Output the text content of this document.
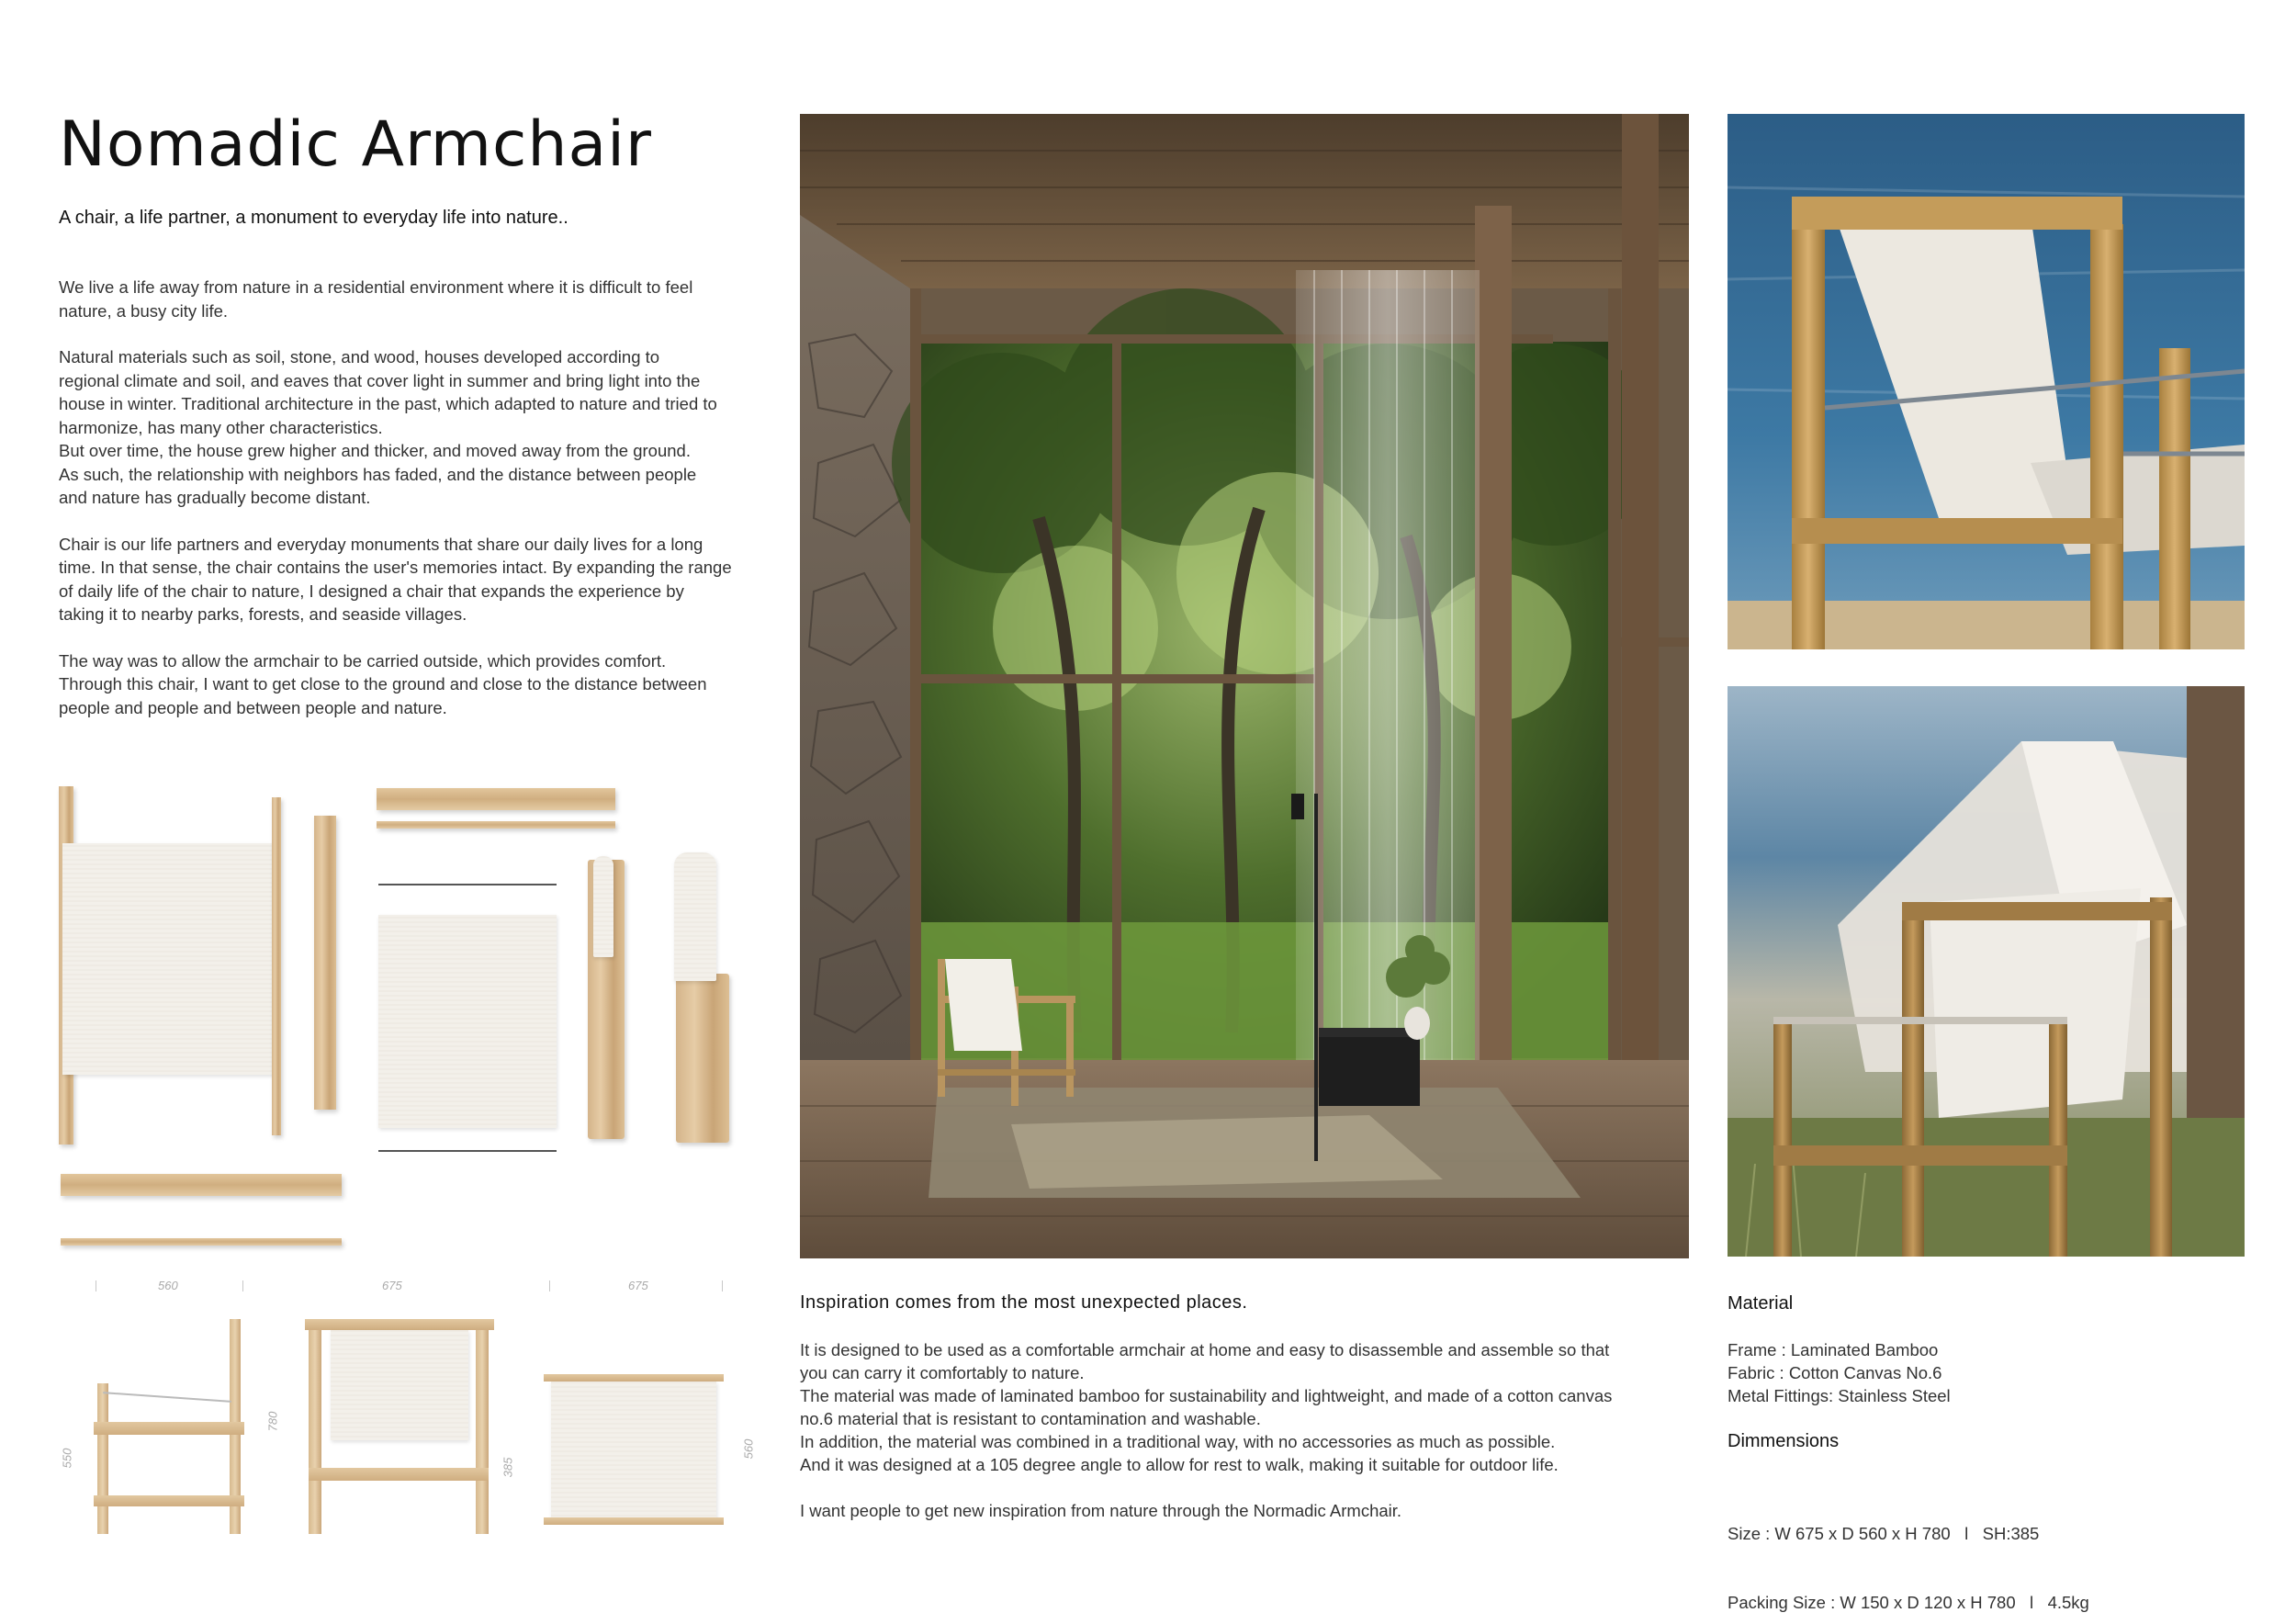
Nomadic Armchair
A chair, a life partner, a monument to everyday life into nature..

We live a life away from nature in a residential environment where it is difficult to feel
nature, a busy city life.

Natural materials such as soil, stone, and wood, houses developed according to
regional climate and soil, and eaves that cover light in summer and bring light into the
house in winter. Traditional architecture in the past, which adapted to nature and tried to
harmonize, has many other characteristics.
But over time, the house grew higher and thicker, and moved away from the ground.
As such, the relationship with neighbors has faded, and the distance between people
and nature has gradually become distant.

Chair is our life partners and everyday monuments that share our daily lives for a long
time. In that sense, the chair contains the user's memories intact. By expanding the range
of daily life of the chair to nature, I designed a chair that expands the experience by
taking it to nearby parks, forests, and seaside villages.

The way was to allow the armchair to be carried outside, which provides comfort.
Through this chair, I want to get close to the ground and close to the distance between
people and people and between people and nature.

560	675	675
550
780
385
560
Inspiration comes from the most unexpected places.
It is designed to be used as a comfortable armchair at home and easy to disassemble and assemble so that
you can carry it comfortably to nature.
The material was made of laminated bamboo for sustainability and lightweight, and made of a cotton canvas
no.6 material that is resistant to contamination and washable.
In addition, the material was combined in a traditional way, with no accessories as much as possible.
And it was designed at a 105 degree angle to allow for rest to walk, making it suitable for outdoor life.
I want people to get new inspiration from nature through the Normadic Armchair.
Material
Frame : Laminated Bamboo
Fabric : Cotton Canvas No.6
Metal Fittings: Stainless Steel
Dimmensions

Size : W 675 x D 560 x H 780   l   SH:385

Packing Size : W 150 x D 120 x H 780   l   4.5kg
